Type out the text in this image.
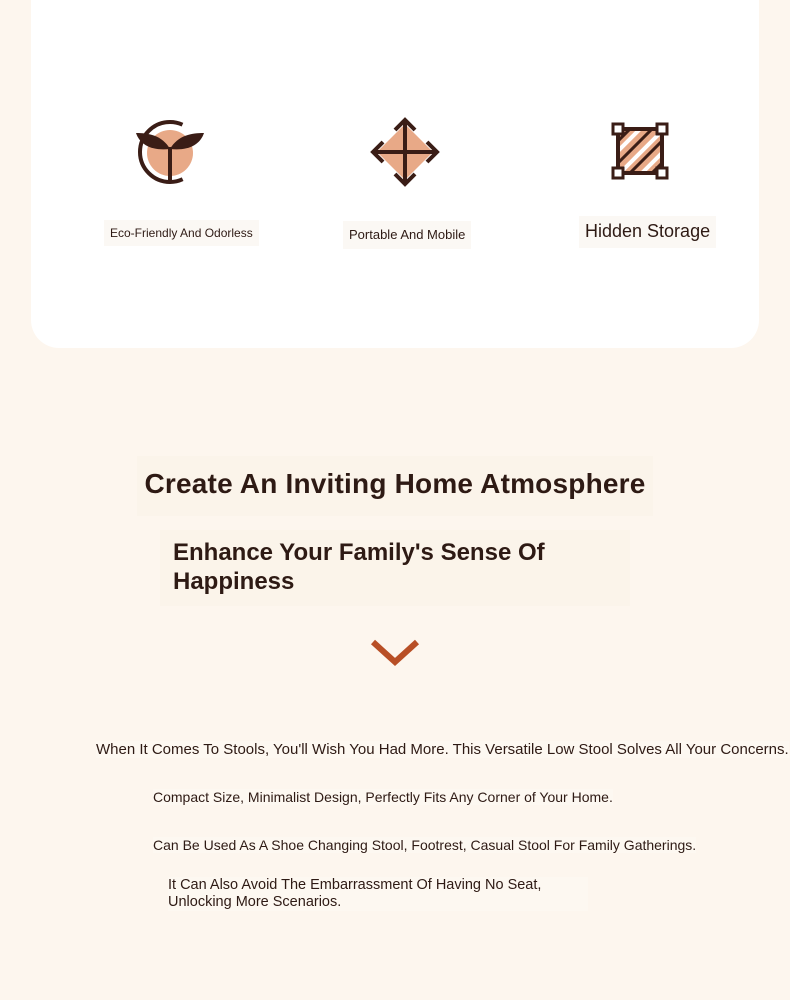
Eco-Friendly And Odorless	Portable And Mobile	Hidden Storage
Create An Inviting Home Atmosphere
Enhance Your Family's Sense Of Happiness
When It Comes To Stools, You'll Wish You Had More. This Versatile Low Stool Solves All Your Concerns.
Compact Size, Minimalist Design, Perfectly Fits Any Corner of Your Home.
Can Be Used As A Shoe Changing Stool, Footrest, Casual Stool For Family Gatherings.
It Can Also Avoid The Embarrassment Of Having No Seat, Unlocking More Scenarios.
